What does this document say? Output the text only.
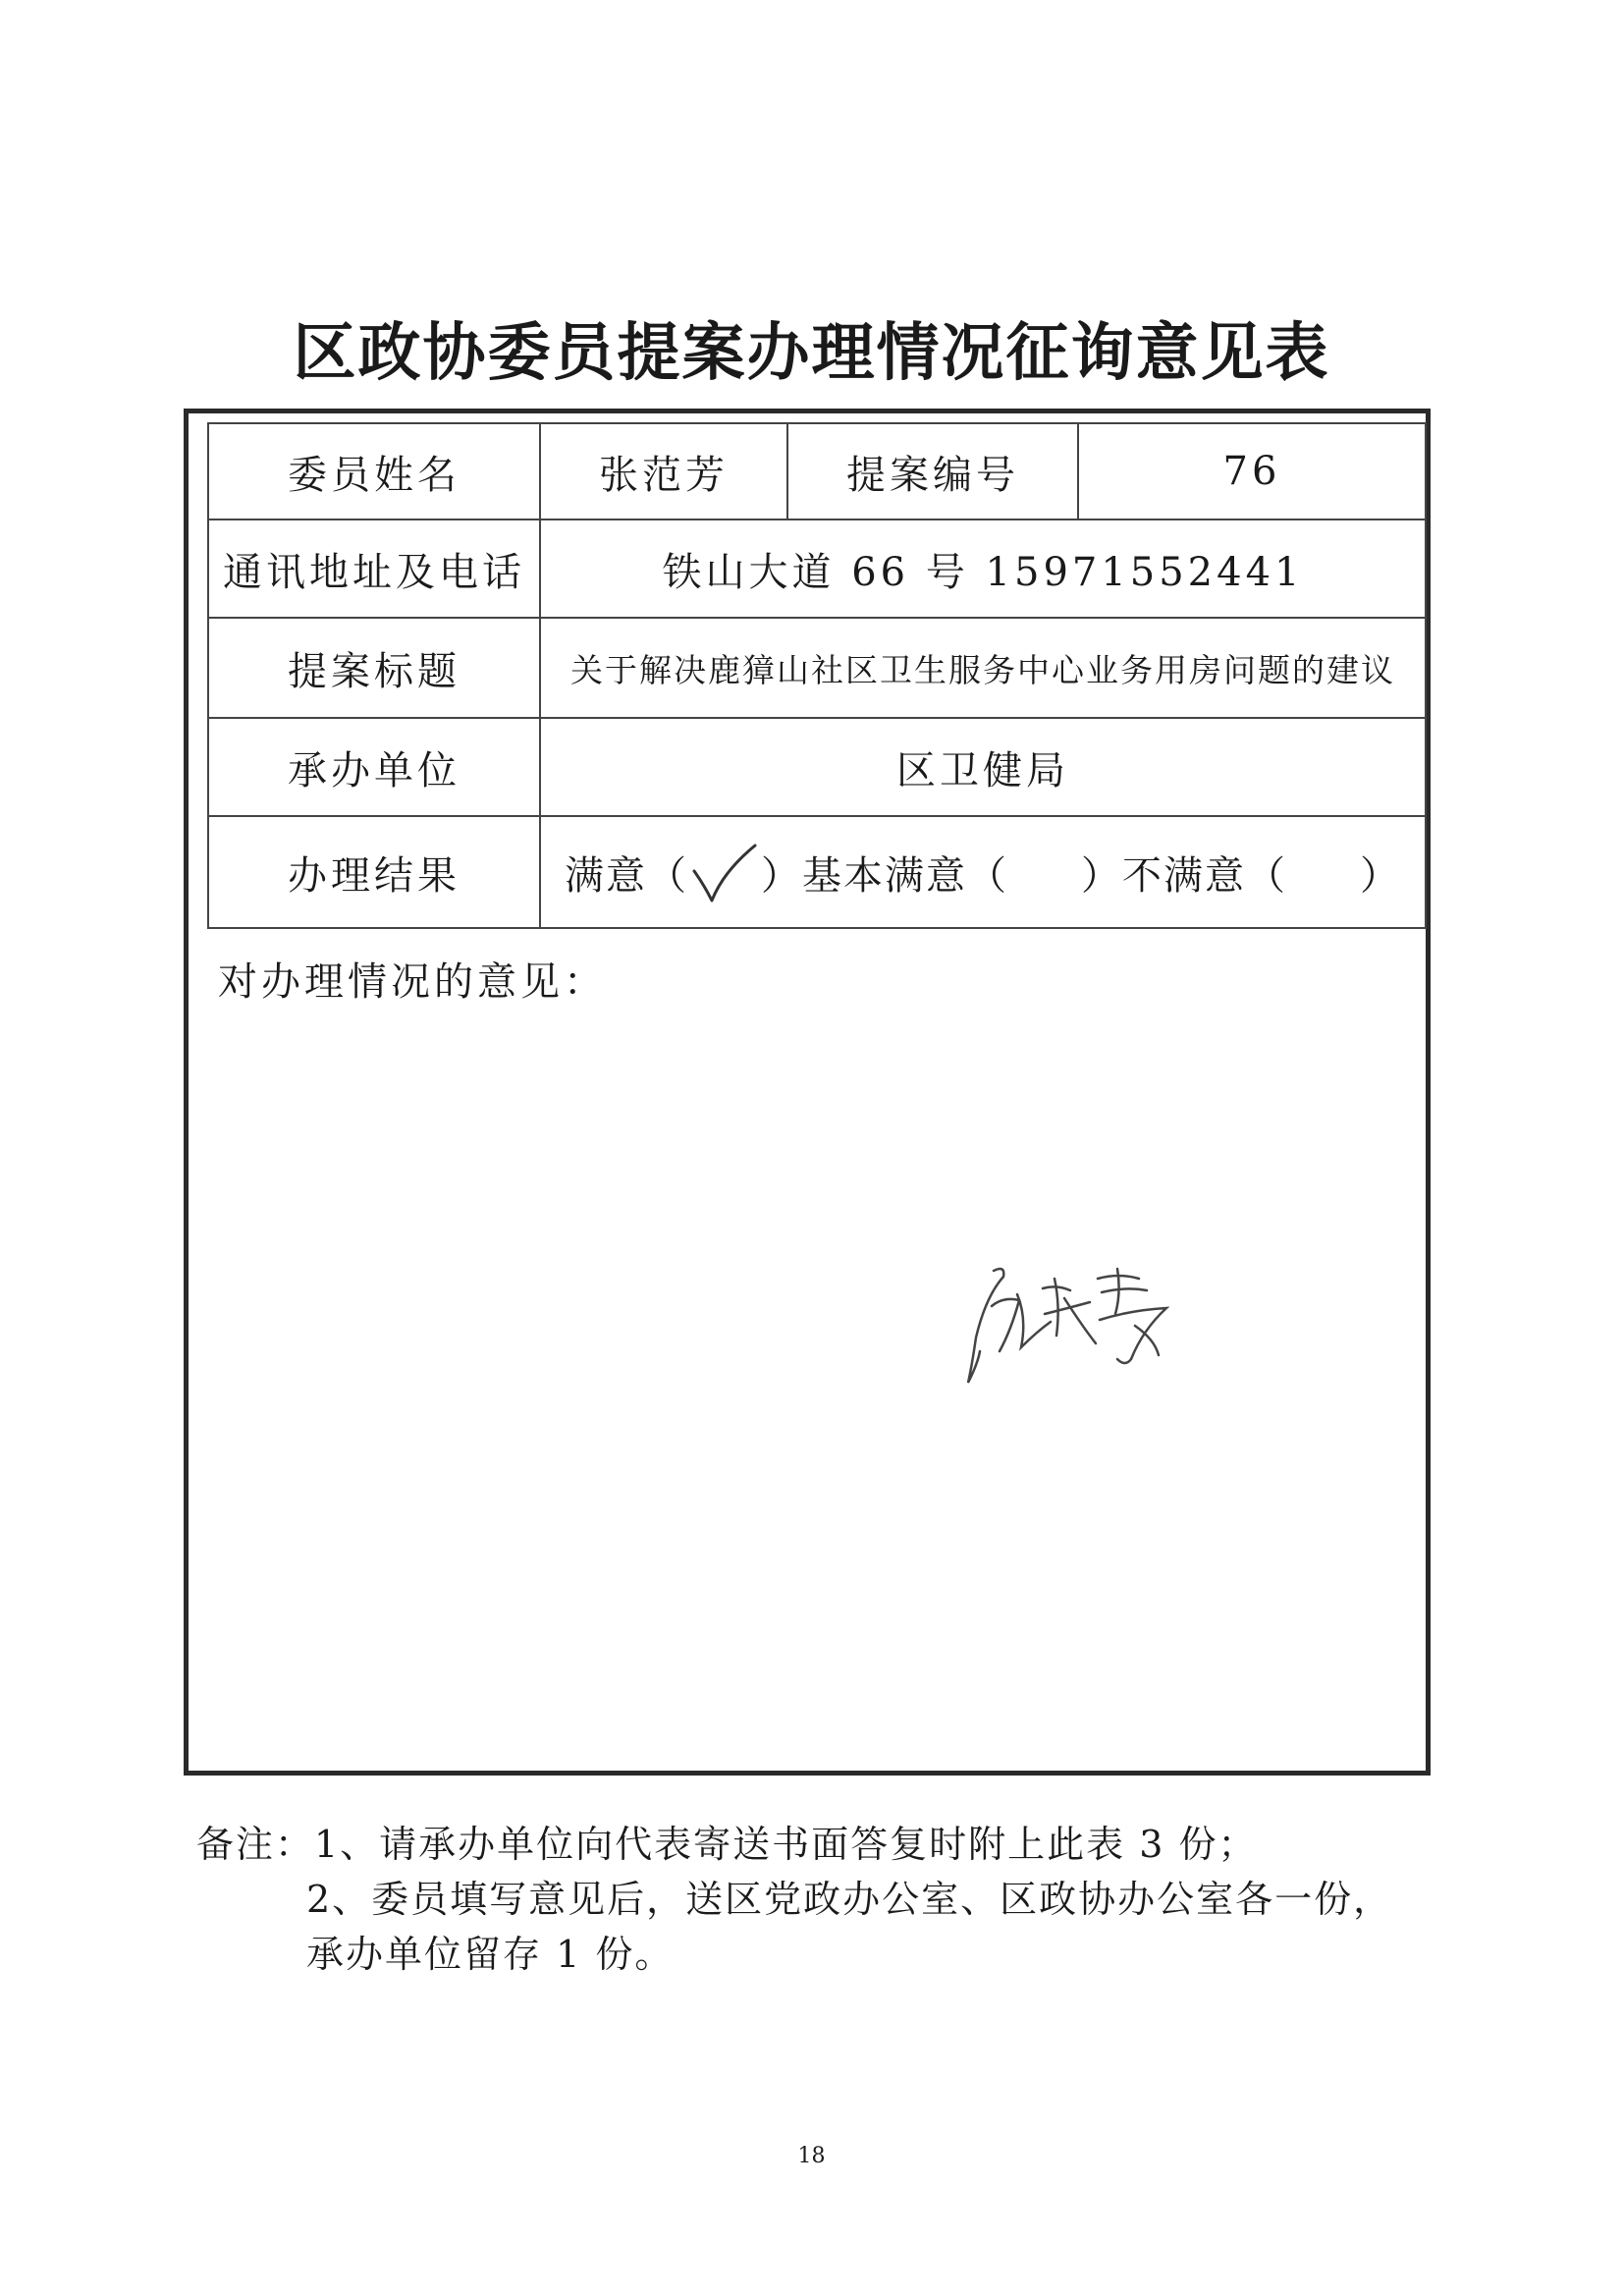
区政协委员提案办理情况征询意见表
委员姓名	张范芳	提案编号	76
通讯地址及电话	铁山大道 66 号 15971552441		
提案标题	关于解决鹿獐山社区卫生服务中心业务用房问题的建议		
承办单位	区卫健局		
办理结果	满意（ ）基本满意（ ）不满意（ ）		
对办理情况的意见：
备注：1、请承办单位向代表寄送书面答复时附上此表 3 份；
2、委员填写意见后，送区党政办公室、区政协办公室各一份，
承办单位留存 1 份。
18
